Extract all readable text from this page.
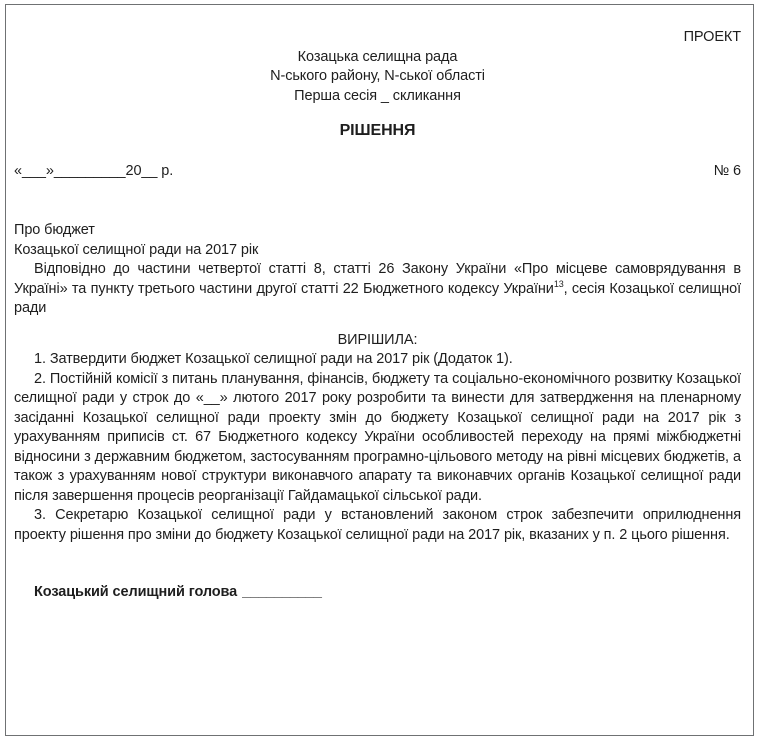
ПРОЕКТ
Козацька селищна рада
N-ського району, N-ської області
Перша сесія _ скликання
РІШЕННЯ
«___»_________20__ р.	№ 6
Про бюджет
Козацької селищної ради на 2017 рік

Відповідно до частини четвертої статті 8, статті 26 Закону України «Про місцеве самоврядування в Україні» та пункту третього частини другої статті 22 Бюджетного кодексу України$^{13}$, сесія Козацької селищної ради

ВИРІШИЛА:

1. Затвердити бюджет Козацької селищної ради на 2017 рік (Додаток 1).

2. Постійній комісії з питань планування, фінансів, бюджету та соціально-економічного розвитку Козацької селищної ради у строк до «__» лютого 2017 року розробити та винести для затвердження на пленарному засіданні Козацької селищної ради проекту змін до бюджету Козацької селищної ради на 2017 рік з урахуванням приписів ст. 67 Бюджетного кодексу України особливостей переходу на прямі міжбюджетні відносини з державним бюджетом, застосуванням програмно-цільового методу на рівні місцевих бюджетів, а також з урахуванням нової структури виконавчого апарату та виконавчих органів Козацької селищної ради після завершення процесів реорганізації Гайдамацької сільської ради.

3. Секретарю Козацької селищної ради у встановлений законом строк забезпечити оприлюднення проекту рішення про зміни до бюджету Козацької селищної ради на 2017 рік, вказаних у п. 2 цього рішення.

Козацький селищний голова __________
